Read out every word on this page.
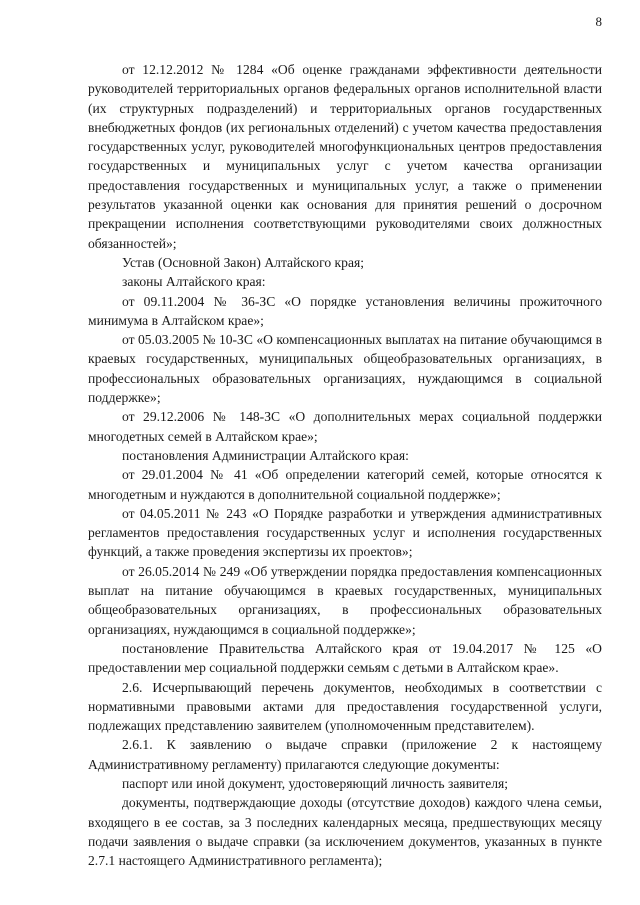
8

от 12.12.2012 № 1284 «Об оценке гражданами эффективности деятельности руководителей территориальных органов федеральных органов исполнительной власти (их структурных подразделений) и территориальных органов государственных внебюджетных фондов (их региональных отделений) с учетом качества предоставления государственных услуг, руководителей многофункциональных центров предоставления государственных и муниципальных услуг с учетом качества организации предоставления государственных и муниципальных услуг, а также о применении результатов указанной оценки как основания для принятия решений о досрочном прекращении исполнения соответствующими руководителями своих должностных обязанностей»;

Устав (Основной Закон) Алтайского края;

законы Алтайского края:

от 09.11.2004 № 36-ЗС «О порядке установления величины прожиточного минимума в Алтайском крае»;

от 05.03.2005 № 10-ЗС «О компенсационных выплатах на питание обучающимся в краевых государственных, муниципальных общеобразовательных организациях, в профессиональных образовательных организациях, нуждающимся в социальной поддержке»;

от 29.12.2006 № 148-ЗС «О дополнительных мерах социальной поддержки многодетных семей в Алтайском крае»;

постановления Администрации Алтайского края:

от 29.01.2004 № 41 «Об определении категорий семей, которые относятся к многодетным и нуждаются в дополнительной социальной поддержке»;

от 04.05.2011 № 243 «О Порядке разработки и утверждения административных регламентов предоставления государственных услуг и исполнения государственных функций, а также проведения экспертизы их проектов»;

от 26.05.2014 № 249 «Об утверждении порядка предоставления компенсационных выплат на питание обучающимся в краевых государственных, муниципальных общеобразовательных организациях, в профессиональных образовательных организациях, нуждающимся в социальной поддержке»;

постановление Правительства Алтайского края от 19.04.2017 № 125 «О предоставлении мер социальной поддержки семьям с детьми в Алтайском крае».

2.6. Исчерпывающий перечень документов, необходимых в соответствии с нормативными правовыми актами для предоставления государственной услуги, подлежащих представлению заявителем (уполномоченным представителем).

2.6.1. К заявлению о выдаче справки (приложение 2 к настоящему Административному регламенту) прилагаются следующие документы:

паспорт или иной документ, удостоверяющий личность заявителя;

документы, подтверждающие доходы (отсутствие доходов) каждого члена семьи, входящего в ее состав, за 3 последних календарных месяца, предшествующих месяцу подачи заявления о выдаче справки (за исключением документов, указанных в пункте 2.7.1 настоящего Административного регламента);
